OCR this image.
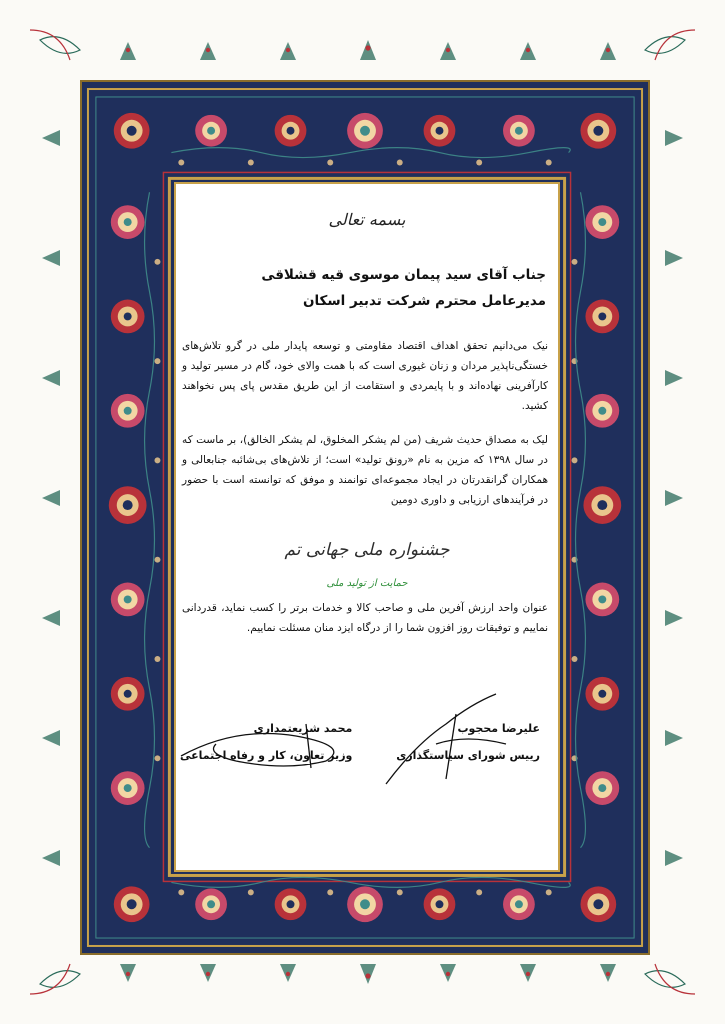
بسمه تعالی
جناب آقای سید پیمان موسوی قیه قشلاقی
مدیرعامل محترم شرکت تدبیر اسکان
نیک می‌دانیم تحقق اهداف اقتصاد مقاومتی و توسعه پایدار ملی در گرو تلاش‌های خستگی‌ناپذیر مردان و زنان غیوری است که با همت والای خود، گام در مسیر تولید و کارآفرینی نهاده‌اند و با پایمردی و استقامت از این طریق مقدس پای پس نخواهند کشید.
لیک به مصداق حدیث شریف (من لم یشکر المخلوق، لم یشکر الخالق)، بر ماست که در سال ۱۳۹۸ که مزین به نام «رونق تولید» است؛ از تلاش‌های بی‌شائبه جنابعالی و همکاران گرانقدرتان در ایجاد مجموعه‌ای توانمند و موفق که توانسته است با حضور در فرآیندهای ارزیابی و داوری دومین
جشنواره ملی جهانی تم
حمایت از تولید ملی
عنوان واحد ارزش آفرین ملی و صاحب کالا و خدمات برتر را کسب نماید، قدردانی نماییم و توفیقات روز افزون شما را از درگاه ایزد منان مسئلت نماییم.
علیرضا محجوب
رییس شورای سیاستگذاری
محمد شریعتمداری
وزیر تعاون، کار و رفاه اجتماعی
